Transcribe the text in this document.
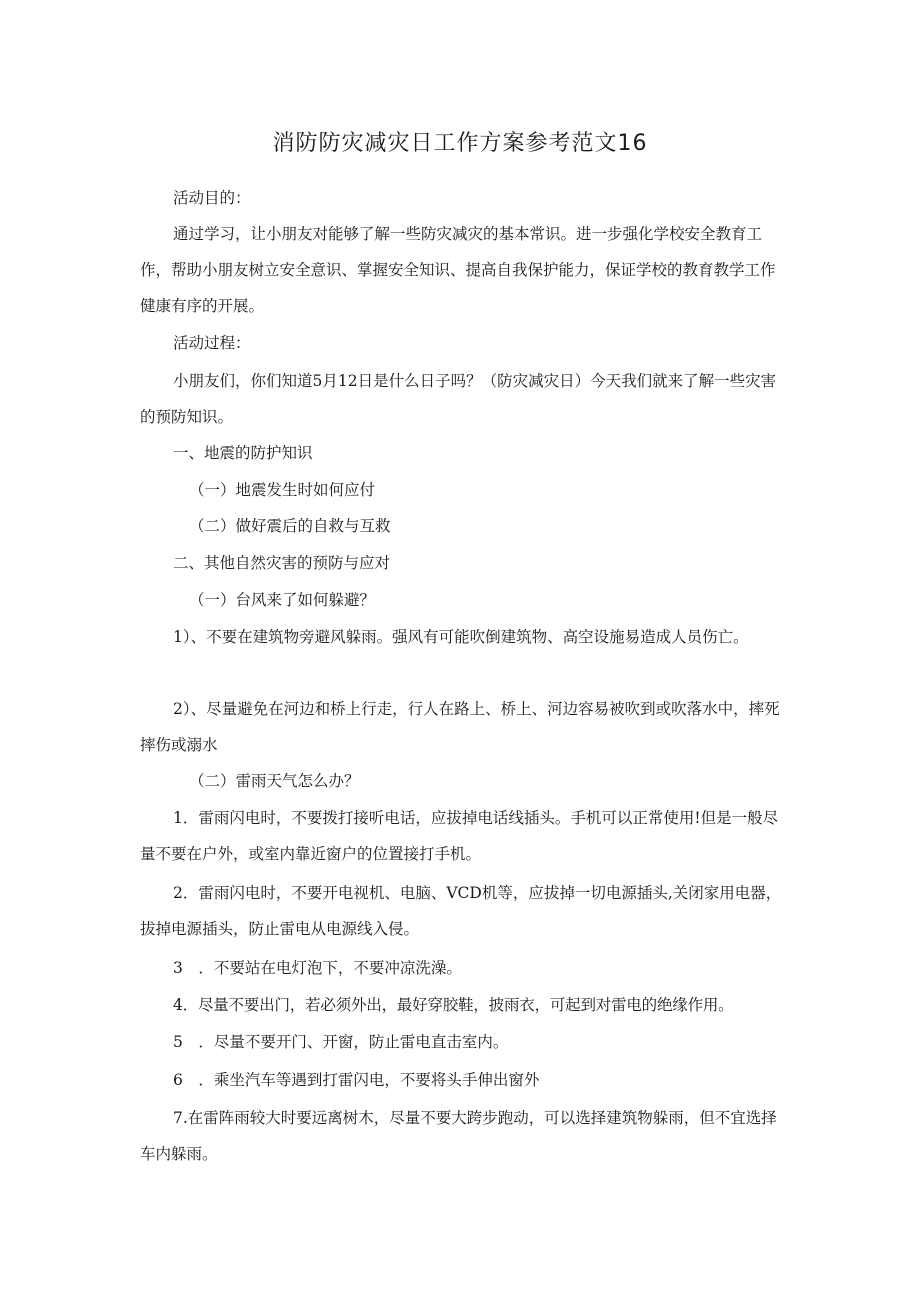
消防防灾减灾日工作方案参考范文16
活动目的：
通过学习，让小朋友对能够了解一些防灾减灾的基本常识。进一步强化学校安全教育工作，帮助小朋友树立安全意识、掌握安全知识、提高自我保护能力，保证学校的教育教学工作健康有序的开展。
活动过程：
小朋友们，你们知道5月12日是什么日子吗？（防灾减灾日）今天我们就来了解一些灾害的预防知识。
一、地震的防护知识
（一）地震发生时如何应付
（二）做好震后的自救与互救
二、其他自然灾害的预防与应对
（一）台风来了如何躲避？
1）、不要在建筑物旁避风躲雨。强风有可能吹倒建筑物、高空设施易造成人员伤亡。
2）、尽量避免在河边和桥上行走，行人在路上、桥上、河边容易被吹到或吹落水中，摔死摔伤或溺水
（二）雷雨天气怎么办？
1．雷雨闪电时，不要拨打接听电话，应拔掉电话线插头。手机可以正常使用!但是一般尽量不要在户外，或室内靠近窗户的位置接打手机。
2．雷雨闪电时，不要开电视机、电脑、VCD机等，应拔掉一切电源插头,关闭家用电器，拔掉电源插头，防止雷电从电源线入侵。
3　．不要站在电灯泡下，不要冲凉洗澡。
4．尽量不要出门，若必须外出，最好穿胶鞋，披雨衣，可起到对雷电的绝缘作用。
5　．尽量不要开门、开窗，防止雷电直击室内。
6　．乘坐汽车等遇到打雷闪电，不要将头手伸出窗外
7.在雷阵雨较大时要远离树木，尽量不要大跨步跑动，可以选择建筑物躲雨，但不宜选择车内躲雨。
